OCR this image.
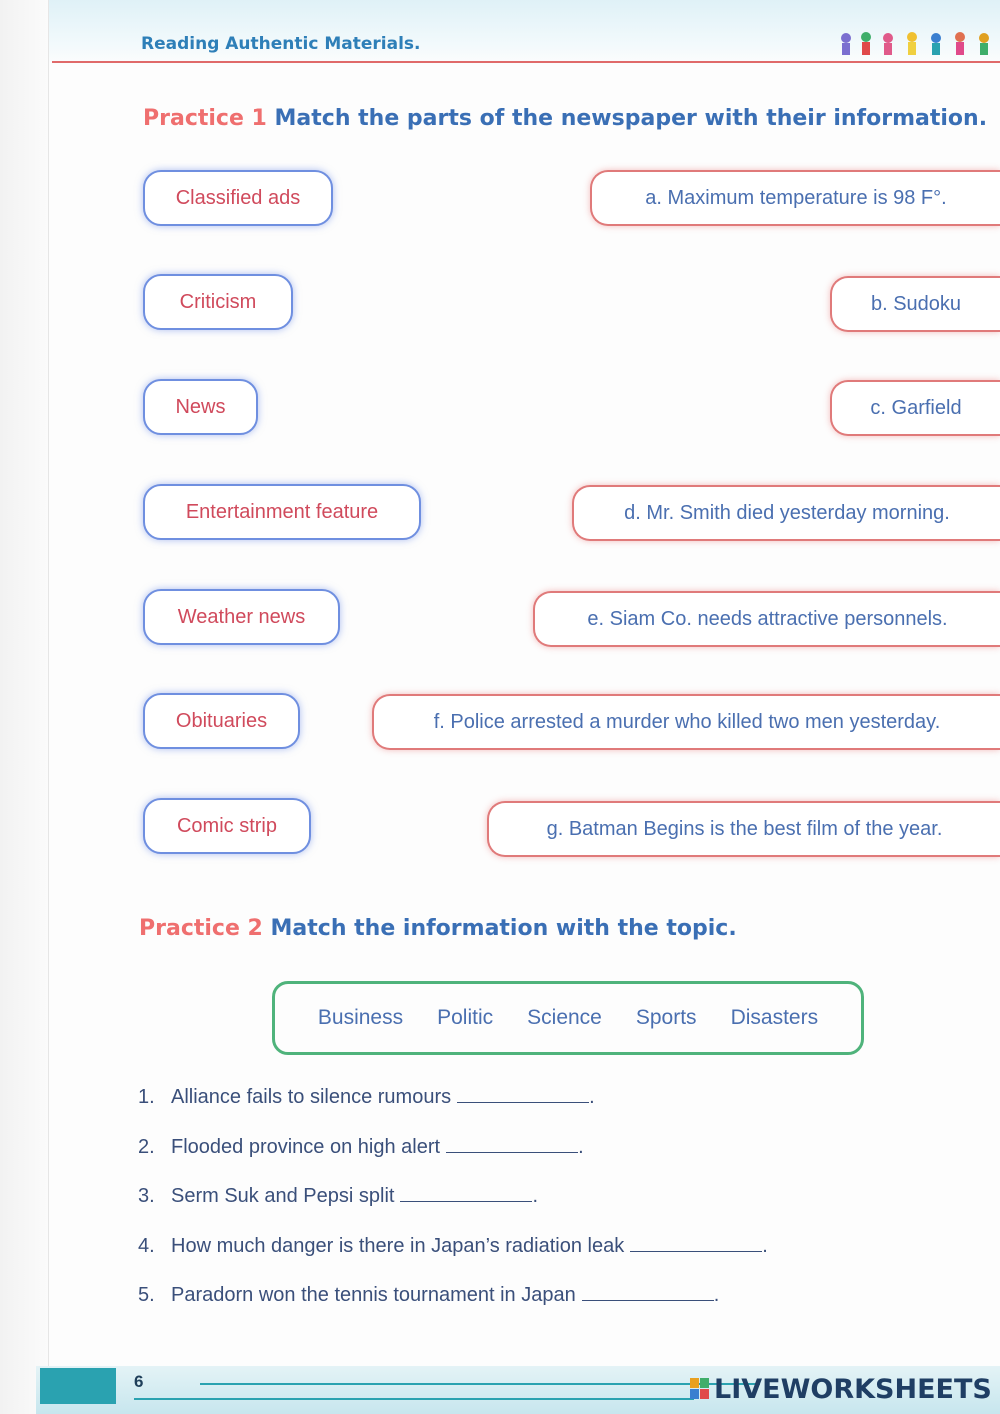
Reading Authentic Materials.
Practice 1 Match the parts of the newspaper with their information.
Classified ads
Criticism
News
Entertainment feature
Weather news
Obituaries
Comic strip
a. Maximum temperature is 98 F°.
b. Sudoku
c. Garfield
d. Mr. Smith died yesterday morning.
e. Siam Co. needs attractive personnels.
f. Police arrested a murder who killed two men yesterday.
g. Batman Begins is the best film of the year.
Practice 2 Match the information with the topic.
Business Politic Science Sports Disasters
1. Alliance fails to silence rumours	.
2. Flooded province on high alert	.
3. Serm Suk and Pepsi split	.
4. How much danger is there in Japan’s radiation leak	.
5. Paradorn won the tennis tournament in Japan	.
6	LIVEWORKSHEETS
